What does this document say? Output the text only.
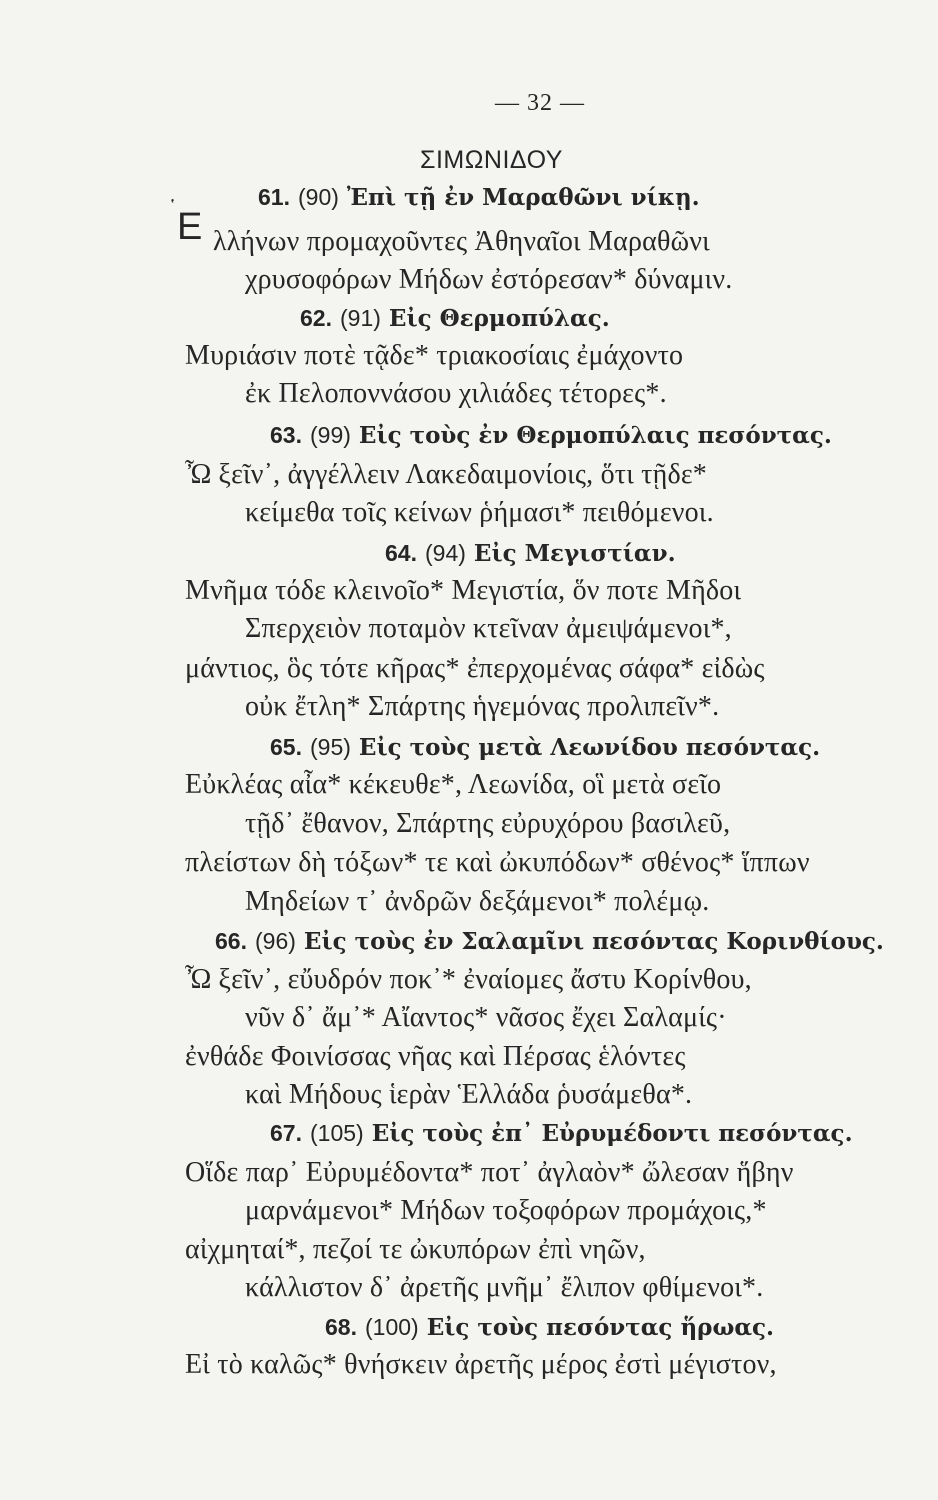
— 32 —
ΣΙΜΩΝΙΔΟΥ
61. (90) Ἐπὶ τῇ ἐν Μαραθῶνι νίκῃ.
῾ Ε λλήνων προμαχοῦντες Ἀθηναῖοι Μαραθῶνι
χρυσοφόρων Μήδων ἐστόρεσαν* δύναμιν.
62. (91) Εἰς Θερμοπύλας.
Μυριάσιν ποτὲ τᾷδε* τριακοσίαις ἐμάχοντο
ἐκ Πελοποννάσου χιλιάδες τέτορες*.
63. (99) Εἰς τοὺς ἐν Θερμοπύλαις πεσόντας.
Ὦ ξεῖν᾽, ἀγγέλλειν Λακεδαιμονίοις, ὅτι τῇδε*
κείμεθα τοῖς κείνων ῥήμασι* πειθόμενοι.
64. (94) Εἰς Μεγιστίαν.
Μνῆμα τόδε κλεινοῖο* Μεγιστία, ὅν ποτε Μῆδοι
Σπερχειὸν ποταμὸν κτεῖναν ἀμειψάμενοι*,
μάντιος, ὃς τότε κῆρας* ἐπερχομένας σάφα* εἰδὼς
οὐκ ἔτλη* Σπάρτης ἡγεμόνας προλιπεῖν*.
65. (95) Εἰς τοὺς μετὰ Λεωνίδου πεσόντας.
Εὐκλέας αἶα* κέκευθε*, Λεωνίδα, οἳ μετὰ σεῖο
τῇδ᾽ ἔθανον, Σπάρτης εὐρυχόρου βασιλεῦ,
πλείστων δὴ τόξων* τε καὶ ὠκυπόδων* σθένος* ἵππων
Μηδείων τ᾽ ἀνδρῶν δεξάμενοι* πολέμῳ.
66. (96) Εἰς τοὺς ἐν Σαλαμῖνι πεσόντας Κορινθίους.
Ὦ ξεῖν᾽, εὔυδρόν ποκ᾽* ἐναίομες ἄστυ Κορίνθου,
νῦν δ᾽ ἄμ᾽* Αἴαντος* νᾶσος ἔχει Σαλαμίς·
ἐνθάδε Φοινίσσας νῆας καὶ Πέρσας ἑλόντες
καὶ Μήδους ἱερὰν Ἑλλάδα ῥυσάμεθα*.
67. (105) Εἰς τοὺς ἐπ᾽ Εὐρυμέδοντι πεσόντας.
Οἵδε παρ᾽ Εὐρυμέδοντα* ποτ᾽ ἀγλαὸν* ὤλεσαν ἥβην
μαρνάμενοι* Μήδων τοξοφόρων προμάχοις,*
αἰχμηταί*, πεζοί τε ὠκυπόρων ἐπὶ νηῶν,
κάλλιστον δ᾽ ἀρετῆς μνῆμ᾽ ἔλιπον φθίμενοι*.
68. (100) Εἰς τοὺς πεσόντας ἥρωας.
Εἰ τὸ καλῶς* θνήσκειν ἀρετῆς μέρος ἐστὶ μέγιστον,
